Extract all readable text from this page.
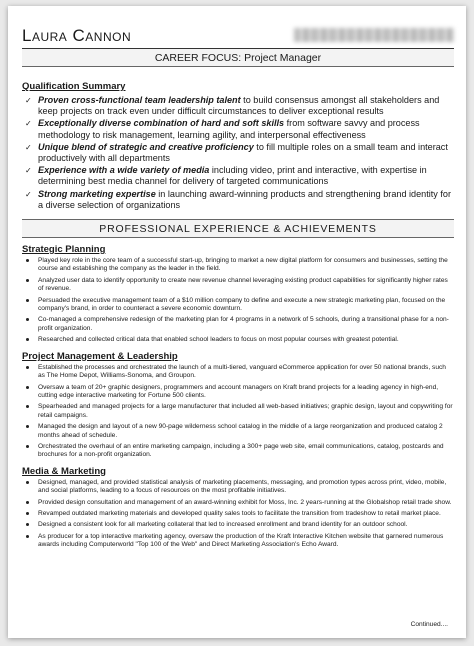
Laura Cannon
CAREER FOCUS: Project Manager
Qualification Summary
✓ Proven cross-functional team leadership talent to build consensus amongst all stakeholders and keep projects on track even under difficult circumstances to deliver exceptional results
✓ Exceptionally diverse combination of hard and soft skills from software savvy and process methodology to risk management, learning agility, and interpersonal effectiveness
✓ Unique blend of strategic and creative proficiency to fill multiple roles on a small team and interact productively with all departments
✓ Experience with a wide variety of media including video, print and interactive, with expertise in determining best media channel for delivery of targeted communications
✓ Strong marketing expertise in launching award-winning products and strengthening brand identity for a diverse selection of organizations
PROFESSIONAL EXPERIENCE & ACHIEVEMENTS
Strategic Planning
Played key role in the core team of a successful start-up, bringing to market a new digital platform for consumers and businesses, setting the course and establishing the company as the leader in the field.
Analyzed user data to identify opportunity to create new revenue channel leveraging existing product capabilities for significantly higher rates of revenue.
Persuaded the executive management team of a $10 million company to define and execute a new strategic marketing plan, focused on the company's brand, in order to counteract a severe economic downturn.
Co-managed a comprehensive redesign of the marketing plan for 4 programs in a network of 5 schools, during a transitional phase for a non-profit organization.
Researched and collected critical data that enabled school leaders to focus on most popular courses with greatest potential.
Project Management & Leadership
Established the processes and orchestrated the launch of a multi-tiered, vanguard eCommerce application for over 50 national brands, such as The Home Depot, Williams-Sonoma, and Groupon.
Oversaw a team of 20+ graphic designers, programmers and account managers on Kraft brand projects for a leading agency in high-end, cutting edge interactive marketing for Fortune 500 clients.
Spearheaded and managed projects for a large manufacturer that included all web-based initiatives; graphic design, layout and copywriting for retail campaigns.
Managed the design and layout of a new 90-page wilderness school catalog in the middle of a large reorganization and produced catalog 2 months ahead of schedule.
Orchestrated the overhaul of an entire marketing campaign, including a 300+ page web site, email communications, catalog, postcards and brochures for a non-profit organization.
Media & Marketing
Designed, managed, and provided statistical analysis of marketing placements, messaging, and promotion types across print, video, mobile, and social platforms, leading to a focus of resources on the most profitable initiatives.
Provided design consultation and management of an award-winning exhibit for Moss, Inc. 2 years-running at the Globalshop retail trade show.
Revamped outdated marketing materials and developed quality sales tools to facilitate the transition from tradeshow to retail market place.
Designed a consistent look for all marketing collateral that led to increased enrollment and brand identity for an outdoor school.
As producer for a top interactive marketing agency, oversaw the production of the Kraft Interactive Kitchen website that garnered numerous awards including Computerworld "Top 100 of the Web" and Direct Marketing Association's Echo Award.
Continued....
